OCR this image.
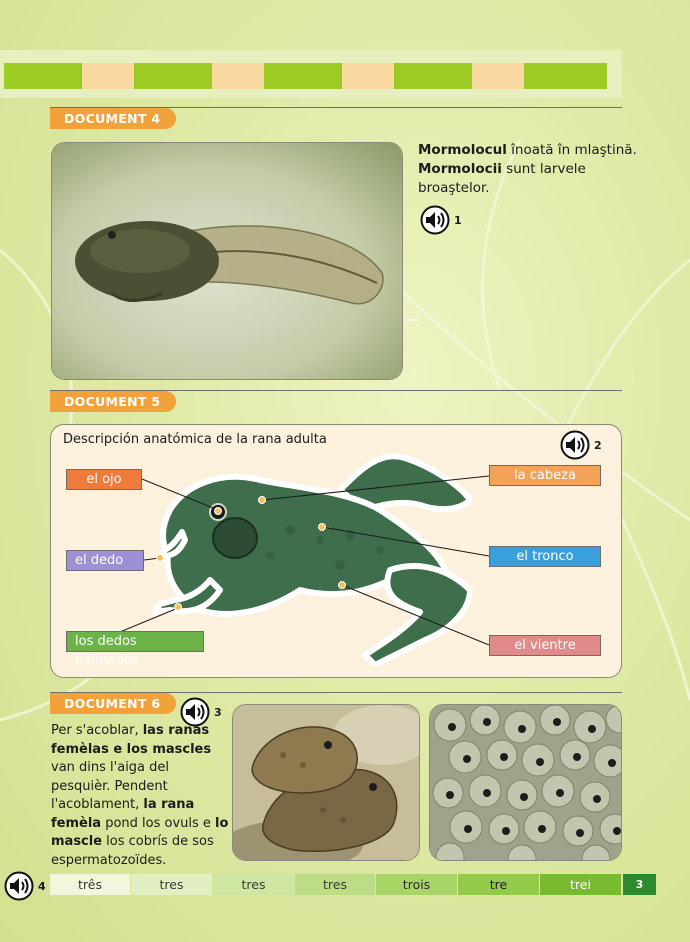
DOCUMENT 4
Mormolocul înoată în mlaştină.
Mormolocii sunt larvele broaştelor.
1
DOCUMENT 5
Descripción anatómica de la rana adulta	2
el ojo
el dedo
los dedos palmados
la cabeza
el tronco
el vientre
DOCUMENT 6
3
Per s'acoblar, las ranas femèlas e los mascles van dins l'aiga del pesquièr. Pendent l'acoblament, la rana femèla pond los ovuls e lo mascle los cobrís de sos espermatozoïdes.
4	três	tres	tres	tres	trois	tre	trei	3
